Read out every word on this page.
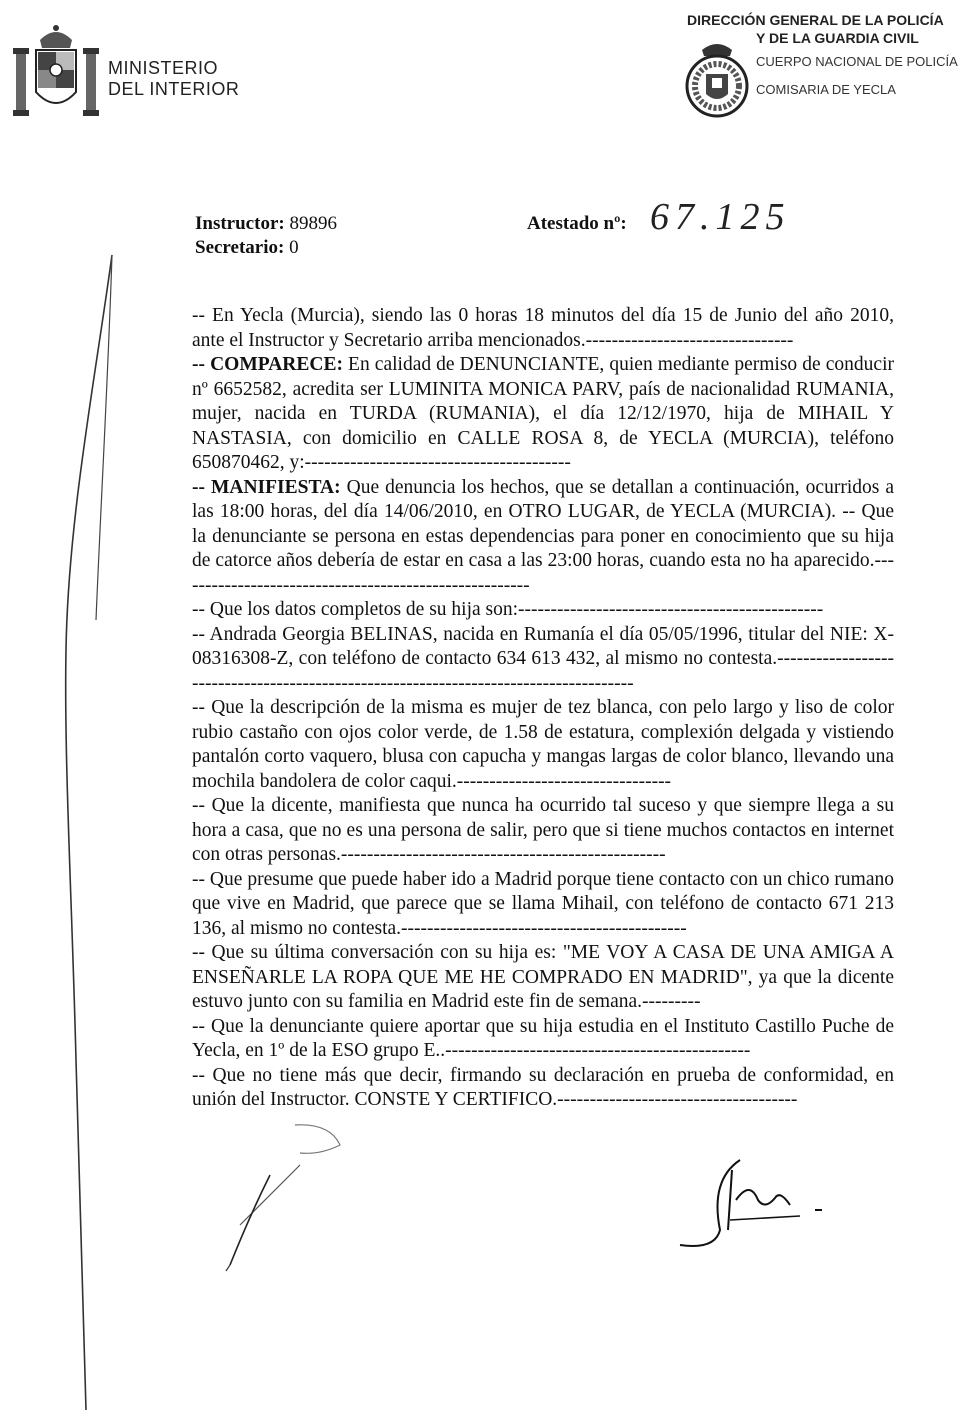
MINISTERIO
DEL INTERIOR
DIRECCIÓN GENERAL DE LA POLICÍA
Y DE LA GUARDIA CIVIL
CUERPO NACIONAL DE POLICÍA
COMISARIA DE YECLA
Instructor: 89896
Secretario: 0
Atestado nº: 67.125

-- En Yecla (Murcia), siendo las 0 horas 18 minutos del día 15 de Junio del año 2010, ante el Instructor y Secretario arriba mencionados.--------------------------------

-- COMPARECE: En calidad de DENUNCIANTE, quien mediante permiso de conducir nº 6652582, acredita ser LUMINITA MONICA PARV, país de nacionalidad RUMANIA, mujer, nacida en TURDA (RUMANIA), el día 12/12/1970, hija de MIHAIL Y NASTASIA, con domicilio en CALLE ROSA 8, de YECLA (MURCIA), teléfono 650870462, y:-----------------------------------------

-- MANIFIESTA: Que denuncia los hechos, que se detallan a continuación, ocurridos a las 18:00 horas, del día 14/06/2010, en OTRO LUGAR, de YECLA (MURCIA). -- Que la denunciante se persona en estas dependencias para poner en conocimiento que su hija de catorce años debería de estar en casa a las 23:00 horas, cuando esta no ha aparecido.-------------------------------------------------------

-- Que los datos completos de su hija son:-----------------------------------------------

-- Andrada Georgia BELINAS, nacida en Rumanía el día 05/05/1996, titular del NIE: X- 08316308-Z, con teléfono de contacto 634 613 432, al mismo no contesta.--------------------------------------------------------------------------------------

-- Que la descripción de la misma es mujer de tez blanca, con pelo largo y liso de color rubio castaño con ojos color verde, de 1.58 de estatura, complexión delgada y vistiendo pantalón corto vaquero, blusa con capucha y mangas largas de color blanco, llevando una mochila bandolera de color caqui.---------------------------------

-- Que la dicente, manifiesta que nunca ha ocurrido tal suceso y que siempre llega a su hora a casa, que no es una persona de salir, pero que si tiene muchos contactos en internet con otras personas.--------------------------------------------------

-- Que presume que puede haber ido a Madrid porque tiene contacto con un chico rumano que vive en Madrid, que parece que se llama Mihail, con teléfono de contacto 671 213 136, al mismo no contesta.--------------------------------------------

-- Que su última conversación con su hija es: "ME VOY A CASA DE UNA AMIGA A ENSEÑARLE LA ROPA QUE ME HE COMPRADO EN MADRID", ya que la dicente estuvo junto con su familia en Madrid este fin de semana.---------

-- Que la denunciante quiere aportar que su hija estudia en el Instituto Castillo Puche de Yecla, en 1º de la ESO grupo E..-----------------------------------------------

-- Que no tiene más que decir, firmando su declaración en prueba de conformidad, en unión del Instructor. CONSTE Y CERTIFICO.-------------------------------------
